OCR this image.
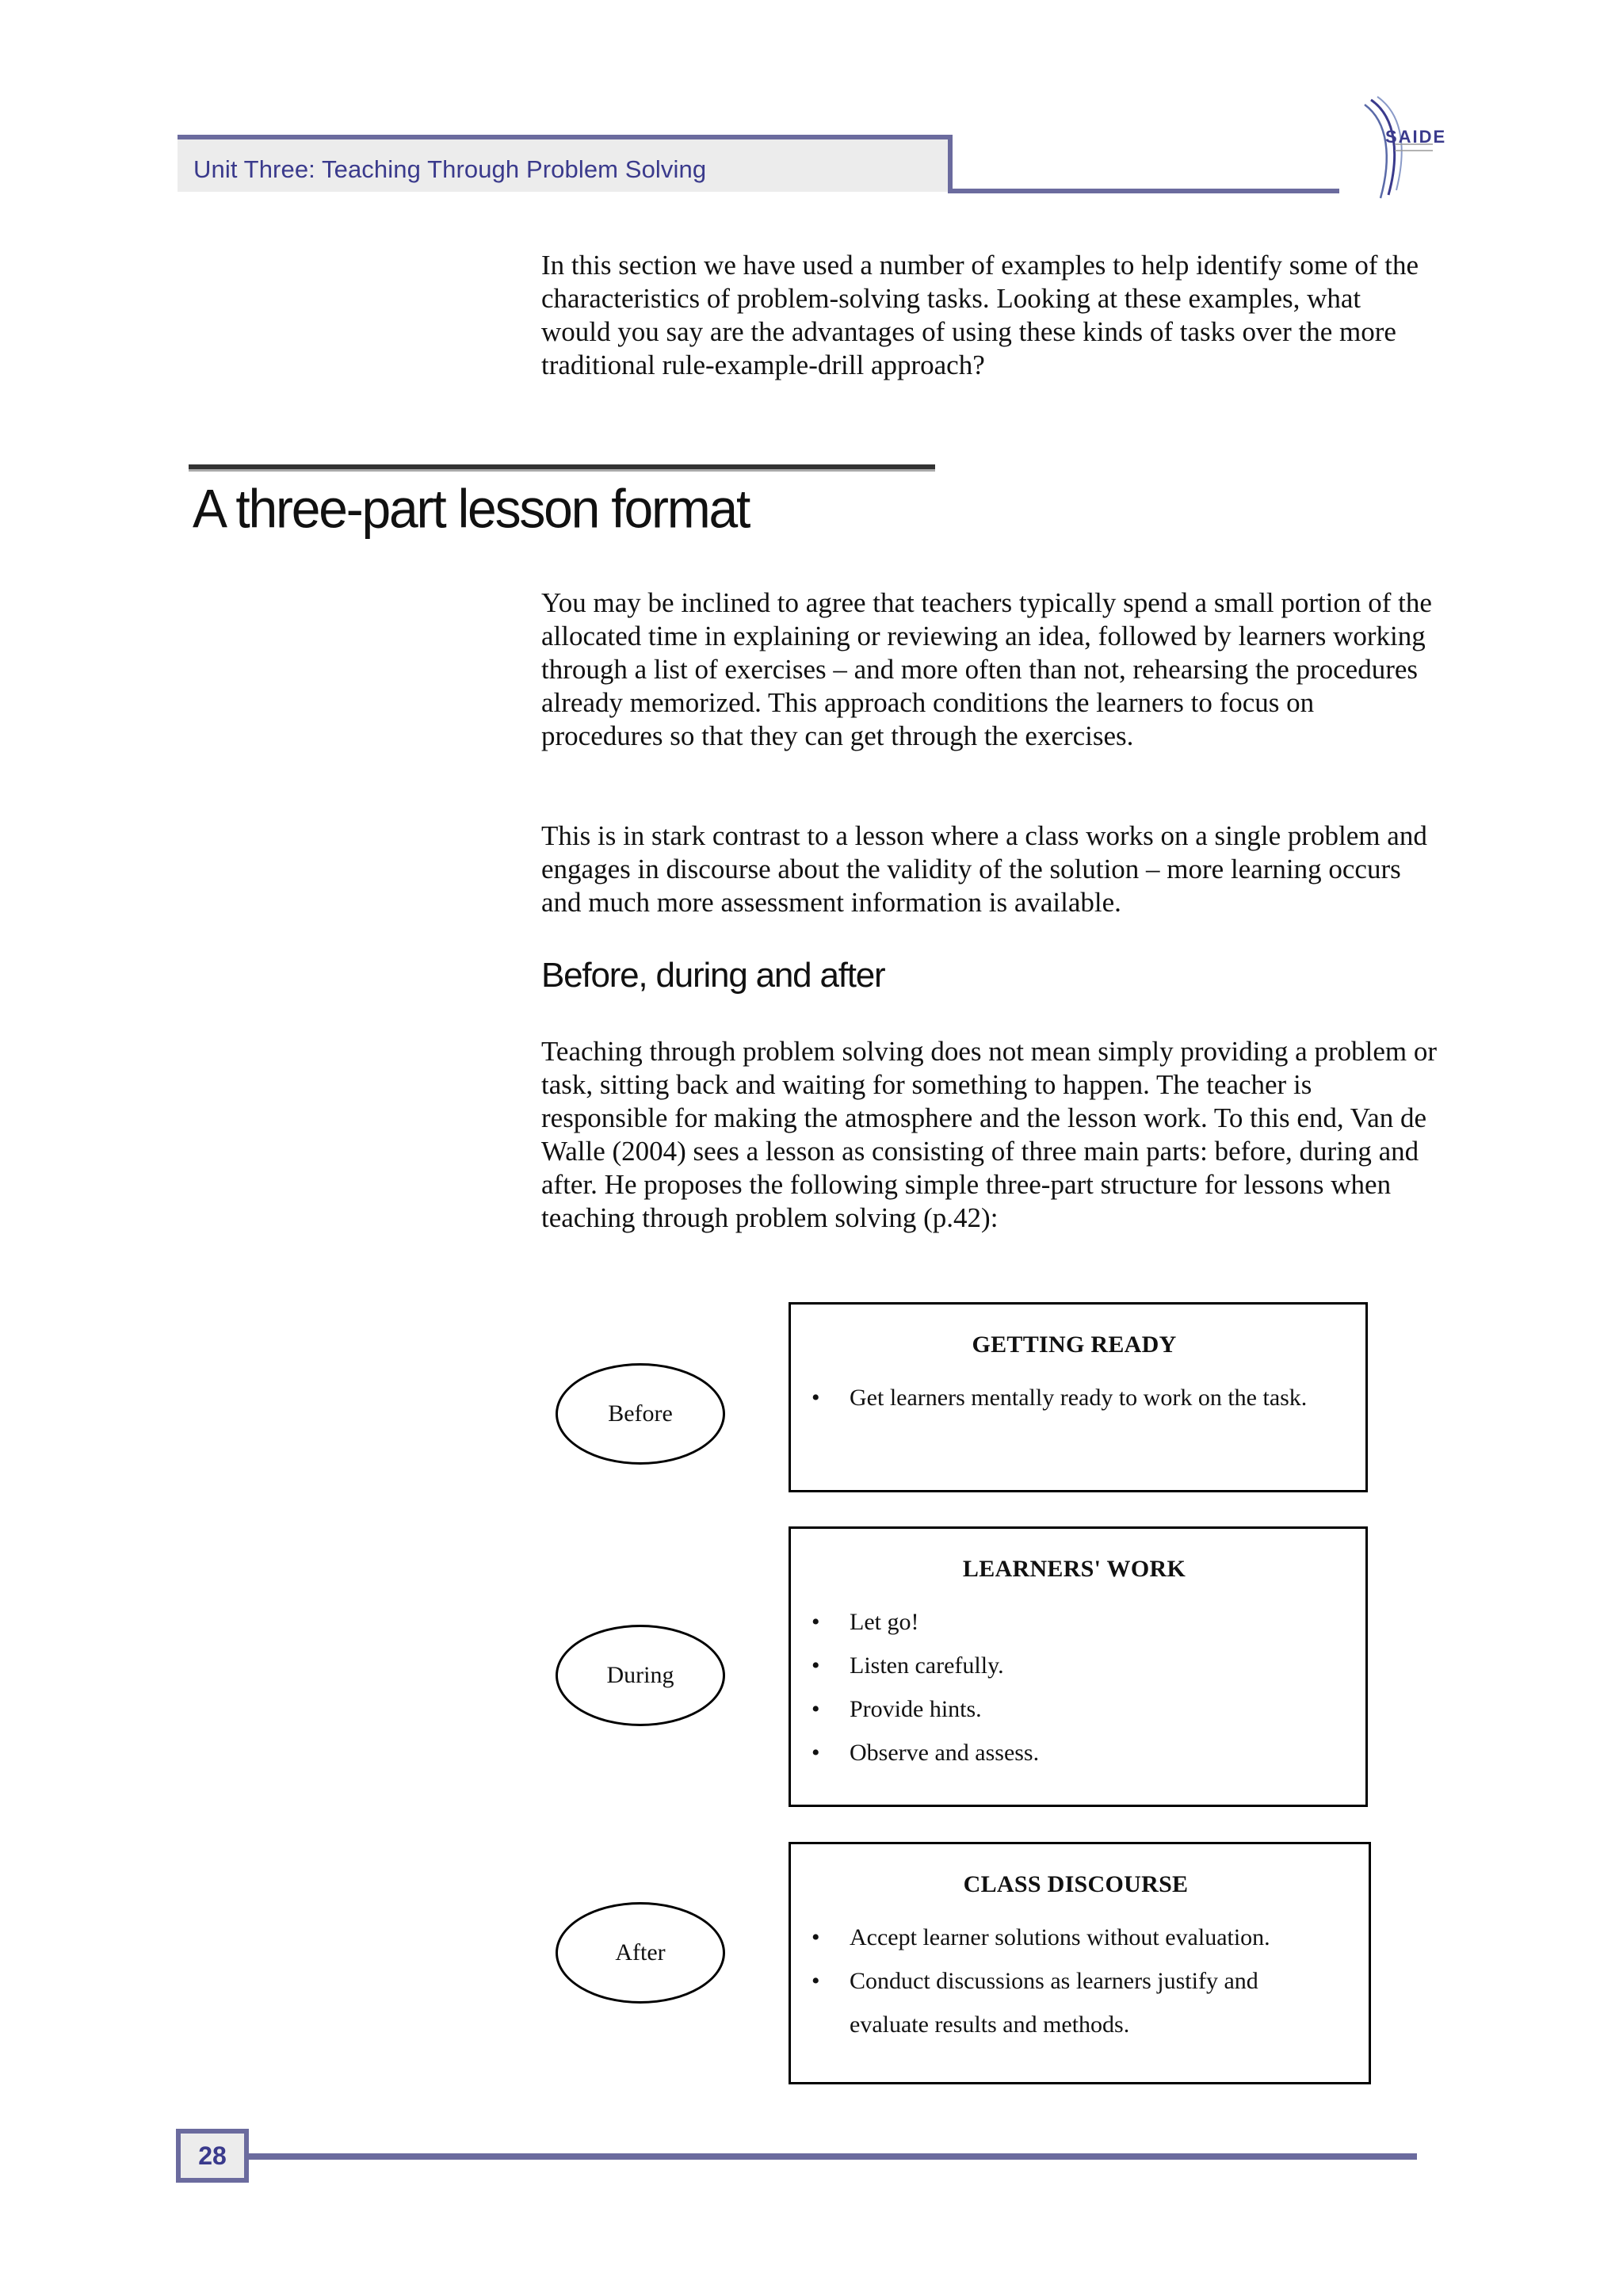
Unit Three: Teaching Through Problem Solving
SAIDE
In this section we have used a number of examples to help identify some of the characteristics of problem-solving tasks. Looking at these examples, what would you say are the advantages of using these kinds of tasks over the more traditional rule-example-drill approach?
A three-part lesson format
You may be inclined to agree that teachers typically spend a small portion of the allocated time in explaining or reviewing an idea, followed by learners working through a list of exercises – and more often than not, rehearsing the procedures already memorized. This approach conditions the learners to focus on procedures so that they can get through the exercises.
This is in stark contrast to a lesson where a class works on a single problem and engages in discourse about the validity of the solution – more learning occurs and much more assessment information is available.
Before, during and after
Teaching through problem solving does not mean simply providing a problem or task, sitting back and waiting for something to happen. The teacher is responsible for making the atmosphere and the lesson work. To this end, Van de Walle (2004) sees a lesson as consisting of three main parts: before, during and after. He proposes the following simple three-part structure for lessons when teaching through problem solving (p.42):
Before
GETTING READY
• Get learners mentally ready to work on the task.
During
LEARNERS' WORK
• Let go!
• Listen carefully.
• Provide hints.
• Observe and assess.
After
CLASS DISCOURSE
• Accept learner solutions without evaluation.
• Conduct discussions as learners justify and evaluate results and methods.
28
